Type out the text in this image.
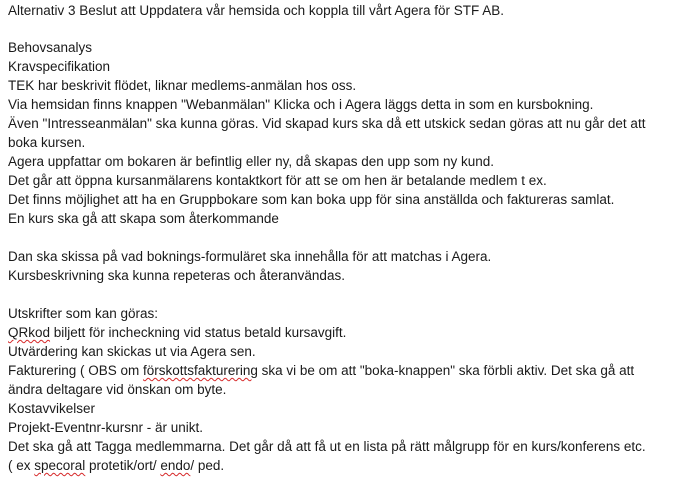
Alternativ 3 Beslut att Uppdatera vår hemsida och koppla till vårt Agera för STF AB.
Behovsanalys
Kravspecifikation
TEK har beskrivit flödet, liknar medlems-anmälan hos oss.
Via hemsidan finns knappen "Webanmälan" Klicka och i Agera läggs detta in som en kursbokning.
Även "Intresseanmälan" ska kunna göras. Vid skapad kurs ska då ett utskick sedan göras att nu går det att
boka kursen.
Agera uppfattar om bokaren är befintlig eller ny, då skapas den upp som ny kund.
Det går att öppna kursanmälarens kontaktkort för att se om hen är betalande medlem t ex.
Det finns möjlighet att ha en Gruppbokare som kan boka upp för sina anställda och faktureras samlat.
En kurs ska gå att skapa som återkommande
Dan ska skissa på vad boknings-formuläret ska innehålla för att matchas i Agera.
Kursbeskrivning ska kunna repeteras och återanvändas.
Utskrifter som kan göras:
QRkod biljett för incheckning vid status betald kursavgift.
Utvärdering kan skickas ut via Agera sen.
Fakturering ( OBS om förskottsfakturering ska vi be om att "boka-knappen" ska förbli aktiv. Det ska gå att
ändra deltagare vid önskan om byte.
Kostavvikelser
Projekt-Eventnr-kursnr - är unikt.
Det ska gå att Tagga medlemmarna. Det går då att få ut en lista på rätt målgrupp för en kurs/konferens etc.
( ex specoral protetik/ort/ endo/ ped.
